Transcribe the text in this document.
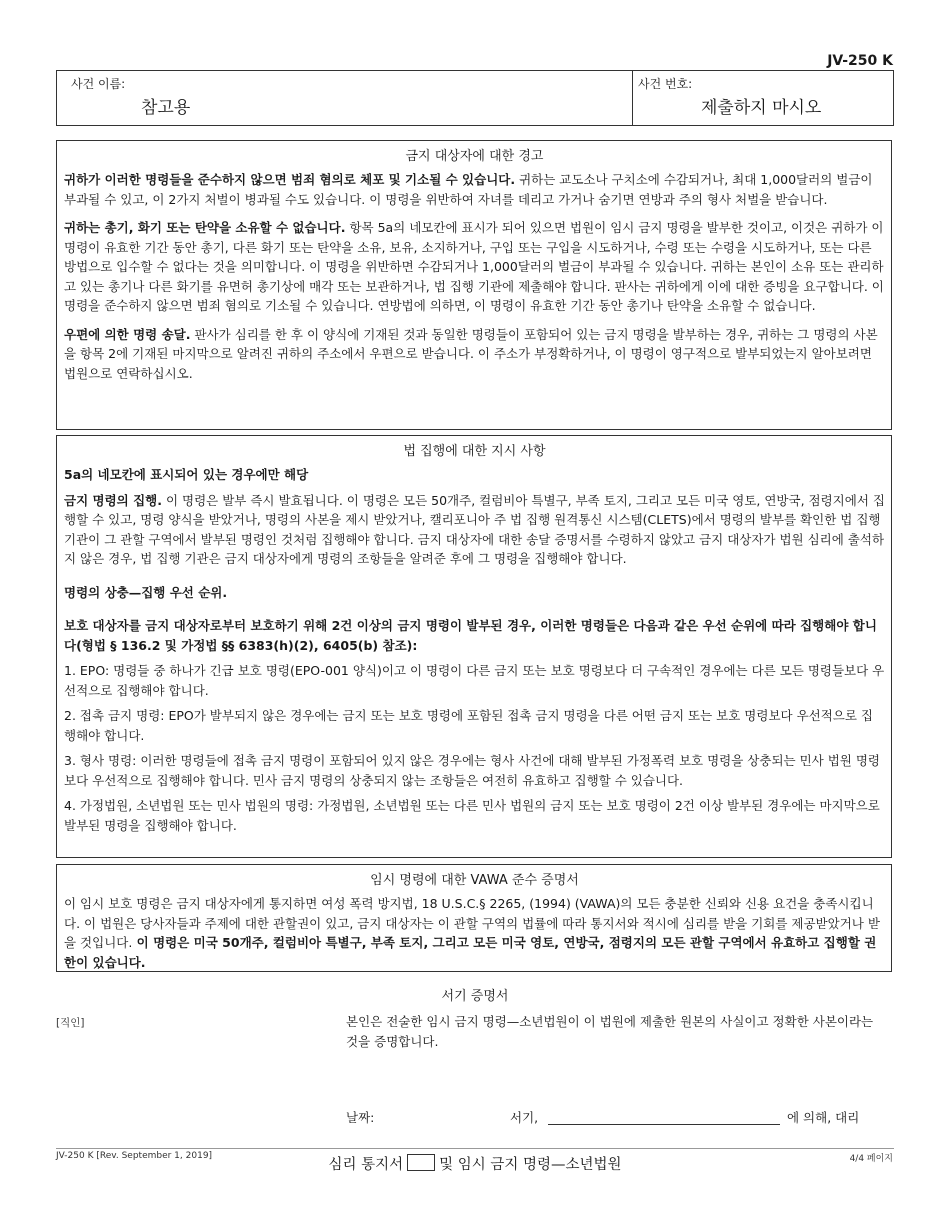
JV-250 K
사건 이름:
참고용
사건 번호:
제출하지 마시오
금지 대상자에 대한 경고

귀하가 이러한 명령들을 준수하지 않으면 범죄 혐의로 체포 및 기소될 수 있습니다. 귀하는 교도소나 구치소에 수감되거나, 최대 1,000달러의 벌금이 부과될 수 있고, 이 2가지 처벌이 병과될 수도 있습니다. 이 명령을 위반하여 자녀를 데리고 가거나 숨기면 연방과 주의 형사 처벌을 받습니다.

귀하는 총기, 화기 또는 탄약을 소유할 수 없습니다. 항목 5a의 네모칸에 표시가 되어 있으면 법원이 임시 금지 명령을 발부한 것이고, 이것은 귀하가 이 명령이 유효한 기간 동안 총기, 다른 화기 또는 탄약을 소유, 보유, 소지하거나, 구입 또는 구입을 시도하거나, 수령 또는 수령을 시도하거나, 또는 다른 방법으로 입수할 수 없다는 것을 의미합니다. 이 명령을 위반하면 수감되거나 1,000달러의 벌금이 부과될 수 있습니다. 귀하는 본인이 소유 또는 관리하고 있는 총기나 다른 화기를 유면허 총기상에 매각 또는 보관하거나, 법 집행 기관에 제출해야 합니다. 판사는 귀하에게 이에 대한 증빙을 요구합니다. 이 명령을 준수하지 않으면 범죄 혐의로 기소될 수 있습니다. 연방법에 의하면, 이 명령이 유효한 기간 동안 총기나 탄약을 소유할 수 없습니다.

우편에 의한 명령 송달. 판사가 심리를 한 후 이 양식에 기재된 것과 동일한 명령들이 포함되어 있는 금지 명령을 발부하는 경우, 귀하는 그 명령의 사본을 항목 2에 기재된 마지막으로 알려진 귀하의 주소에서 우편으로 받습니다. 이 주소가 부정확하거나, 이 명령이 영구적으로 발부되었는지 알아보려면 법원으로 연락하십시오.

법 집행에 대한 지시 사항

5a의 네모칸에 표시되어 있는 경우에만 해당

금지 명령의 집행. 이 명령은 발부 즉시 발효됩니다. 이 명령은 모든 50개주, 컬럼비아 특별구, 부족 토지, 그리고 모든 미국 영토, 연방국, 점령지에서 집행할 수 있고, 명령 양식을 받았거나, 명령의 사본을 제시 받았거나, 캘리포니아 주 법 집행 원격통신 시스템(CLETS)에서 명령의 발부를 확인한 법 집행 기관이 그 관할 구역에서 발부된 명령인 것처럼 집행해야 합니다. 금지 대상자에 대한 송달 증명서를 수령하지 않았고 금지 대상자가 법원 심리에 출석하지 않은 경우, 법 집행 기관은 금지 대상자에게 명령의 조항들을 알려준 후에 그 명령을 집행해야 합니다.

명령의 상충—집행 우선 순위.

보호 대상자를 금지 대상자로부터 보호하기 위해 2건 이상의 금지 명령이 발부된 경우, 이러한 명령들은 다음과 같은 우선 순위에 따라 집행해야 합니다(형법 § 136.2 및 가정법 §§ 6383(h)(2), 6405(b) 참조):

1. EPO: 명령들 중 하나가 긴급 보호 명령(EPO-001 양식)이고 이 명령이 다른 금지 또는 보호 명령보다 더 구속적인 경우에는 다른 모든 명령들보다 우선적으로 집행해야 합니다.

2. 접촉 금지 명령: EPO가 발부되지 않은 경우에는 금지 또는 보호 명령에 포함된 접촉 금지 명령을 다른 어떤 금지 또는 보호 명령보다 우선적으로 집행해야 합니다.

3. 형사 명령: 이러한 명령들에 접촉 금지 명령이 포함되어 있지 않은 경우에는 형사 사건에 대해 발부된 가정폭력 보호 명령을 상충되는 민사 법원 명령보다 우선적으로 집행해야 합니다. 민사 금지 명령의 상충되지 않는 조항들은 여전히 유효하고 집행할 수 있습니다.

4. 가정법원, 소년법원 또는 민사 법원의 명령: 가정법원, 소년법원 또는 다른 민사 법원의 금지 또는 보호 명령이 2건 이상 발부된 경우에는 마지막으로 발부된 명령을 집행해야 합니다.

임시 명령에 대한 VAWA 준수 증명서

이 임시 보호 명령은 금지 대상자에게 통지하면 여성 폭력 방지법, 18 U.S.C.§ 2265, (1994) (VAWA)의 모든 충분한 신뢰와 신용 요건을 충족시킵니다. 이 법원은 당사자들과 주제에 대한 관할권이 있고, 금지 대상자는 이 관할 구역의 법률에 따라 통지서와 적시에 심리를 받을 기회를 제공받았거나 받을 것입니다. 이 명령은 미국 50개주, 컬럼비아 특별구, 부족 토지, 그리고 모든 미국 영토, 연방국, 점령지의 모든 관할 구역에서 유효하고 집행할 권한이 있습니다.

서기 증명서
[직인]	본인은 전술한 임시 금지 명령—소년법원이 이 법원에 제출한 원본의 사실이고 정확한 사본이라는 것을 증명합니다.
날짜:	서기,	에 의해, 대리
JV-250 K [Rev. September 1, 2019]
심리 통지서 및 임시 금지 명령—소년법원	4/4 페이지
